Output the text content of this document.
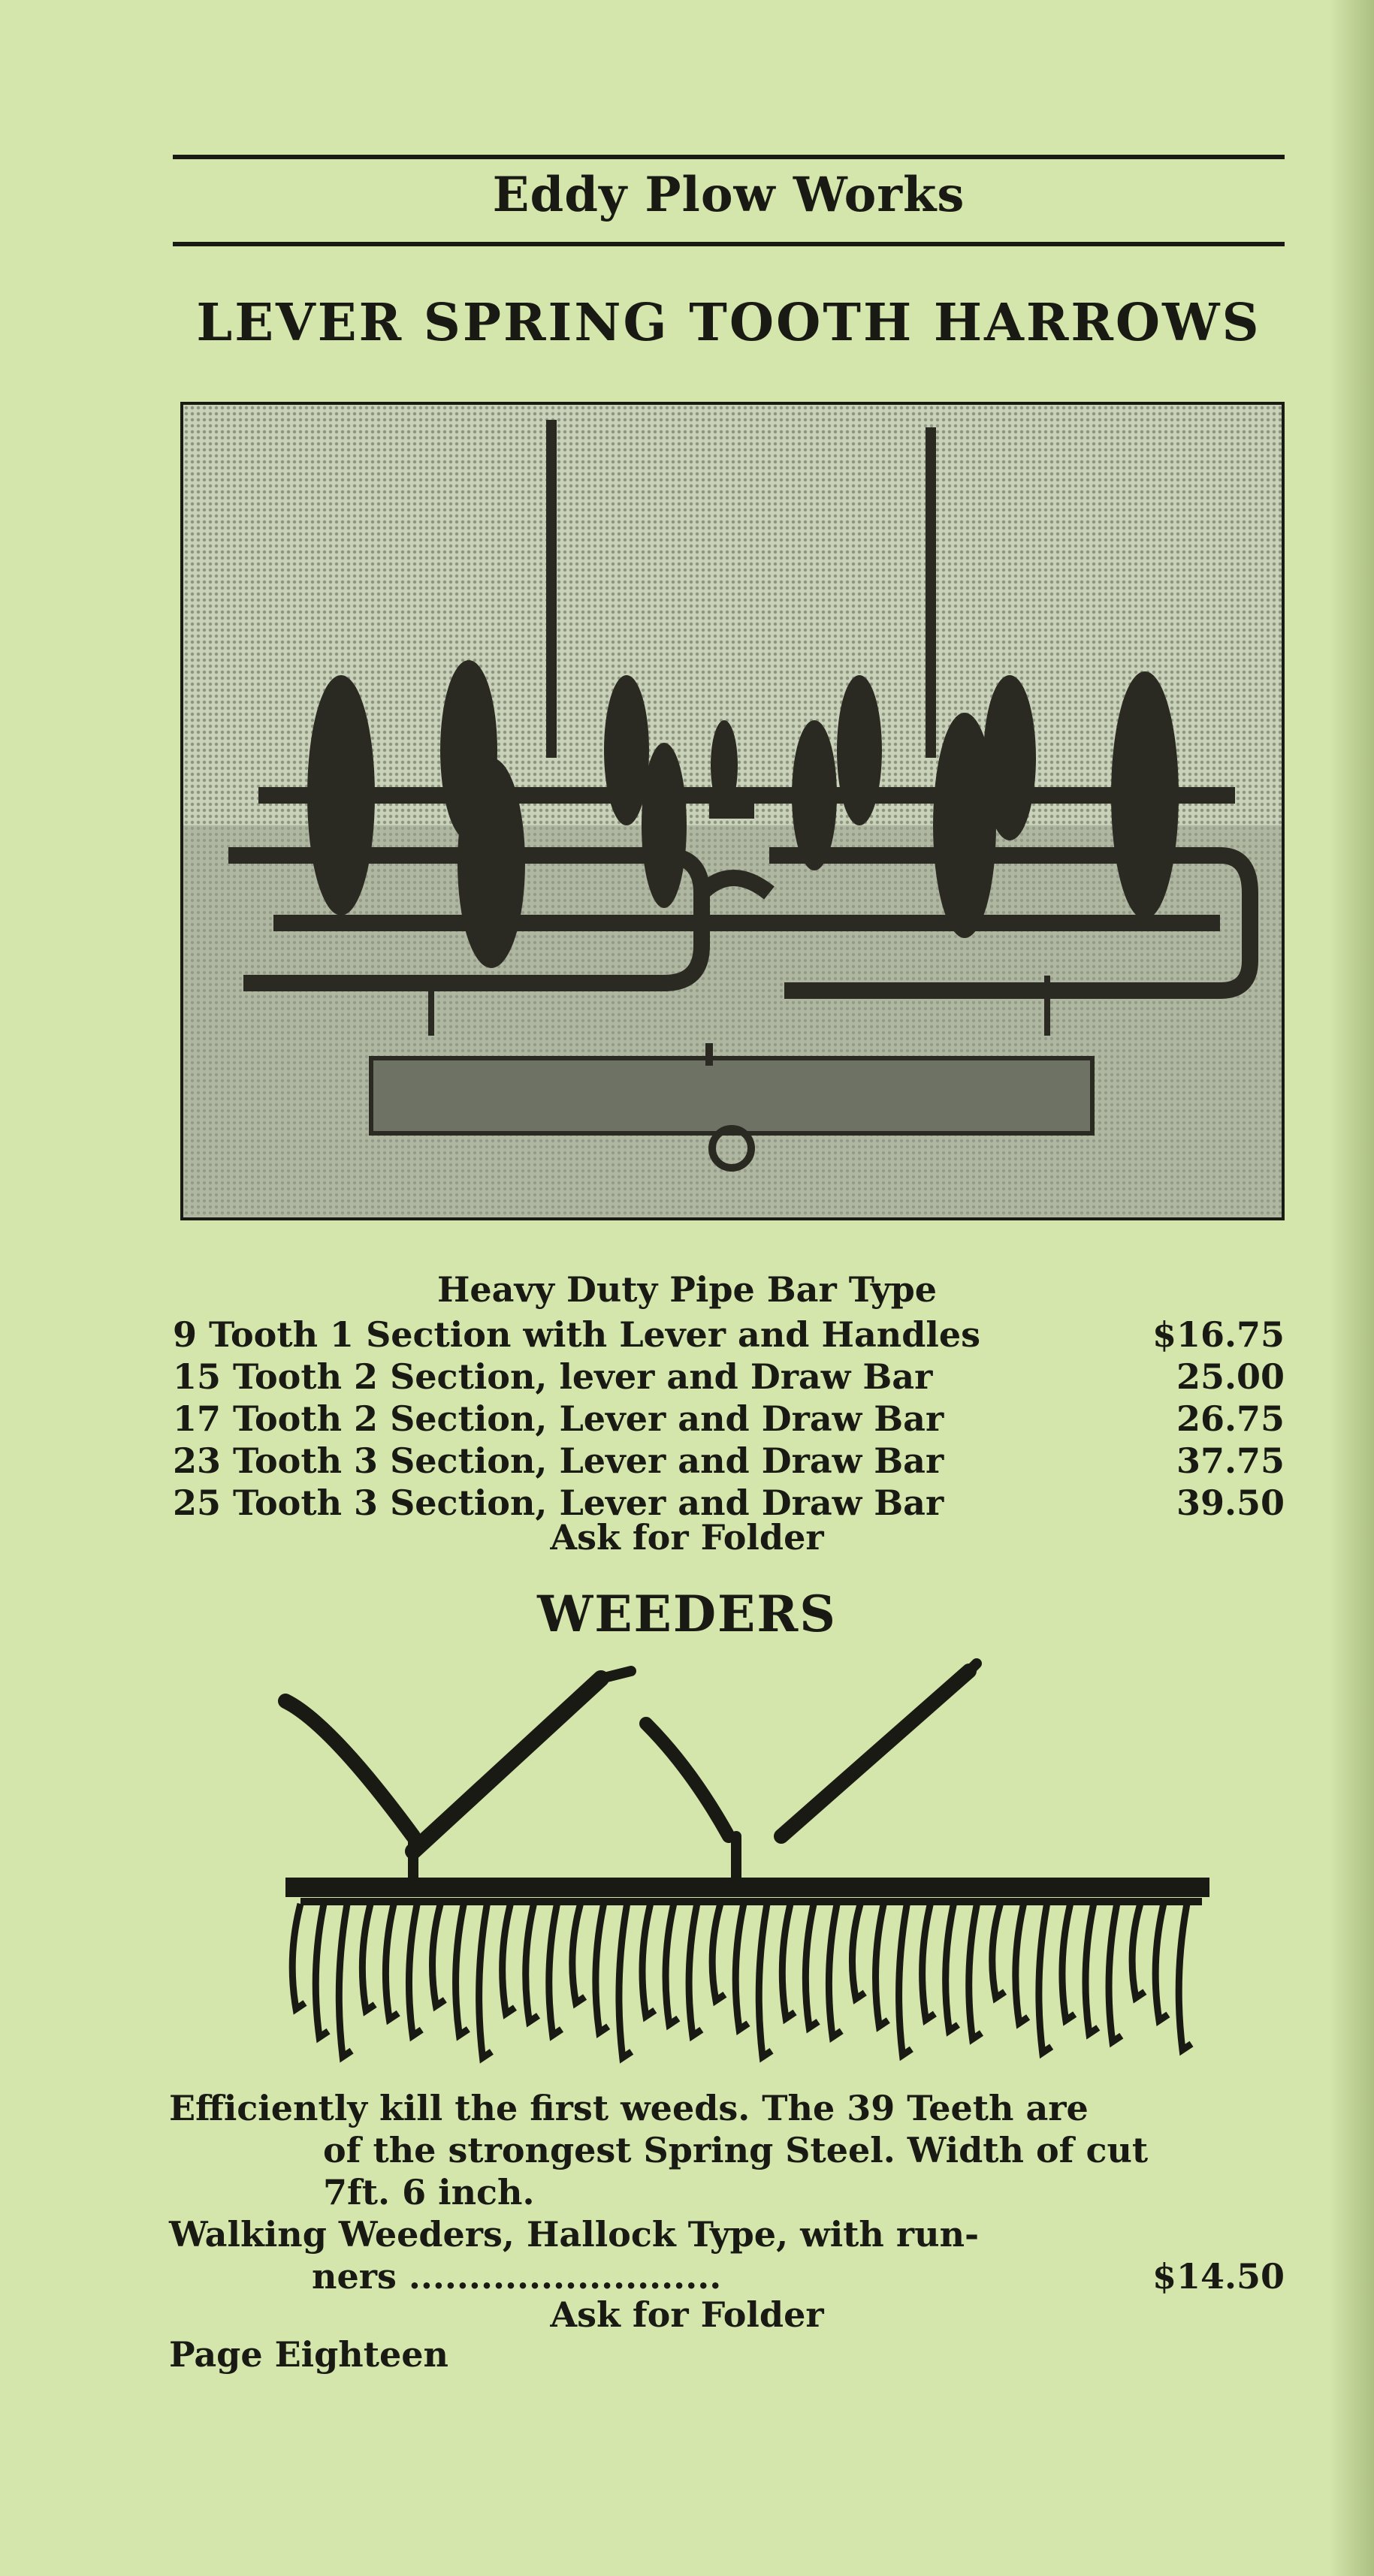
Eddy Plow Works
LEVER SPRING TOOTH HARROWS
Heavy Duty Pipe Bar Type
9 Tooth 1 Section with Lever and Handles	$16.75
15 Tooth 2 Section, lever and Draw Bar	25.00
17 Tooth 2 Section, Lever and Draw Bar	26.75
23 Tooth 3 Section, Lever and Draw Bar	37.75
25 Tooth 3 Section, Lever and Draw Bar	39.50
Ask for Folder
WEEDERS
Efficiently kill the first weeds. The 39 Teeth are
of the strongest Spring Steel. Width of cut
7ft. 6 inch.
Walking Weeders, Hallock Type, with run-
ners ..........................	$14.50
Ask for Folder
Page Eighteen
